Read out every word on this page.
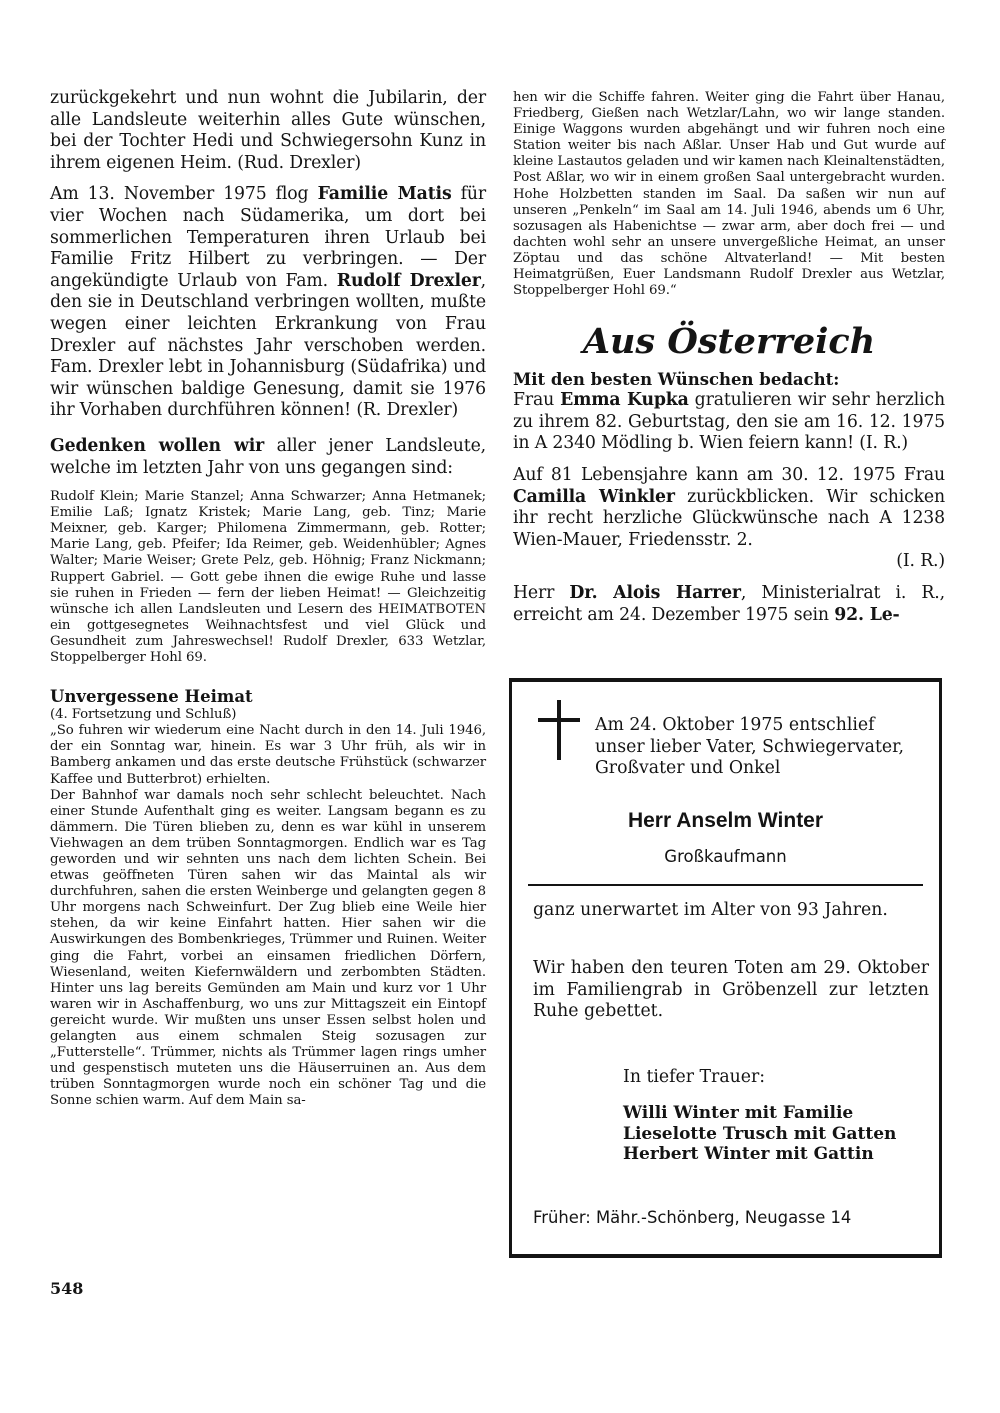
zurückgekehrt und nun wohnt die Jubilarin, der alle Landsleute weiterhin alles Gute wünschen, bei der Tochter Hedi und Schwiegersohn Kunz in ihrem eigenen Heim. (Rud. Drexler)

Am 13. November 1975 flog Familie Matis für vier Wochen nach Südamerika, um dort bei sommerlichen Temperaturen ihren Urlaub bei Familie Fritz Hilbert zu verbringen. — Der angekündigte Urlaub von Fam. Rudolf Drexler, den sie in Deutschland verbringen wollten, mußte wegen einer leichten Erkrankung von Frau Drexler auf nächstes Jahr verschoben werden. Fam. Drexler lebt in Johannisburg (Südafrika) und wir wünschen baldige Genesung, damit sie 1976 ihr Vorhaben durchführen können! (R. Drexler)

Gedenken wollen wir aller jener Landsleute, welche im letzten Jahr von uns gegangen sind:

Rudolf Klein; Marie Stanzel; Anna Schwarzer; Anna Hetmanek; Emilie Laß; Ignatz Kristek; Marie Lang, geb. Tinz; Marie Meixner, geb. Karger; Philomena Zimmermann, geb. Rotter; Marie Lang, geb. Pfeifer; Ida Reimer, geb. Weidenhübler; Agnes Walter; Marie Weiser; Grete Pelz, geb. Höhnig; Franz Nickmann; Ruppert Gabriel. — Gott gebe ihnen die ewige Ruhe und lasse sie ruhen in Frieden — fern der lieben Heimat! — Gleichzeitig wünsche ich allen Landsleuten und Lesern des HEIMATBOTEN ein gottgesegnetes Weihnachtsfest und viel Glück und Gesundheit zum Jahreswechsel! Rudolf Drexler, 633 Wetzlar, Stoppelberger Hohl 69.

Unvergessene Heimat

(4. Fortsetzung und Schluß)

„So fuhren wir wiederum eine Nacht durch in den 14. Juli 1946, der ein Sonntag war, hinein. Es war 3 Uhr früh, als wir in Bamberg ankamen und das erste deutsche Frühstück (schwarzer Kaffee und Butterbrot) erhielten.

Der Bahnhof war damals noch sehr schlecht beleuchtet. Nach einer Stunde Aufenthalt ging es weiter. Langsam begann es zu dämmern. Die Türen blieben zu, denn es war kühl in unserem Viehwagen an dem trüben Sonntagmorgen. Endlich war es Tag geworden und wir sehnten uns nach dem lichten Schein. Bei etwas geöffneten Türen sahen wir das Maintal als wir durchfuhren, sahen die ersten Weinberge und gelangten gegen 8 Uhr morgens nach Schweinfurt. Der Zug blieb eine Weile hier stehen, da wir keine Einfahrt hatten. Hier sahen wir die Auswirkungen des Bombenkrieges, Trümmer und Ruinen. Weiter ging die Fahrt, vorbei an einsamen friedlichen Dörfern, Wiesenland, weiten Kiefernwäldern und zerbombten Städten. Hinter uns lag bereits Gemünden am Main und kurz vor 1 Uhr waren wir in Aschaffenburg, wo uns zur Mittagszeit ein Eintopf gereicht wurde. Wir mußten uns unser Essen selbst holen und gelangten aus einem schmalen Steig sozusagen zur „Futterstelle“. Trümmer, nichts als Trümmer lagen rings umher und gespenstisch muteten uns die Häuserruinen an. Aus dem trüben Sonntagmorgen wurde noch ein schöner Tag und die Sonne schien warm. Auf dem Main sa-

548

hen wir die Schiffe fahren. Weiter ging die Fahrt über Hanau, Friedberg, Gießen nach Wetzlar/Lahn, wo wir lange standen. Einige Waggons wurden abgehängt und wir fuhren noch eine Station weiter bis nach Aßlar. Unser Hab und Gut wurde auf kleine Lastautos geladen und wir kamen nach Kleinaltenstädten, Post Aßlar, wo wir in einem großen Saal untergebracht wurden. Hohe Holzbetten standen im Saal. Da saßen wir nun auf unseren „Penkeln“ im Saal am 14. Juli 1946, abends um 6 Uhr, sozusagen als Habenichtse — zwar arm, aber doch frei — und dachten wohl sehr an unsere unvergeßliche Heimat, an unser Zöptau und das schöne Altvaterland! — Mit besten Heimatgrüßen, Euer Landsmann Rudolf Drexler aus Wetzlar, Stoppelberger Hohl 69.“

Aus Österreich

Mit den besten Wünschen bedacht:

Frau Emma Kupka gratulieren wir sehr herzlich zu ihrem 82. Geburtstag, den sie am 16. 12. 1975 in A 2340 Mödling b. Wien feiern kann! (I. R.)

Auf 81 Lebensjahre kann am 30. 12. 1975 Frau Camilla Winkler zurückblicken. Wir schicken ihr recht herzliche Glückwünsche nach A 1238 Wien-Mauer, Friedensstr. 2.

(I. R.)

Herr Dr. Alois Harrer, Ministerialrat i. R., erreicht am 24. Dezember 1975 sein 92. Le-

Am 24. Oktober 1975 entschlief unser lieber Vater, Schwiegervater, Großvater und Onkel
Herr Anselm Winter
Großkaufmann
ganz unerwartet im Alter von 93 Jahren.
Wir haben den teuren Toten am 29. Oktober im Familiengrab in Gröbenzell zur letzten Ruhe gebettet.
In tiefer Trauer:
Willi Winter mit Familie
Lieselotte Trusch mit Gatten
Herbert Winter mit Gattin
Früher: Mähr.-Schönberg, Neugasse 14
